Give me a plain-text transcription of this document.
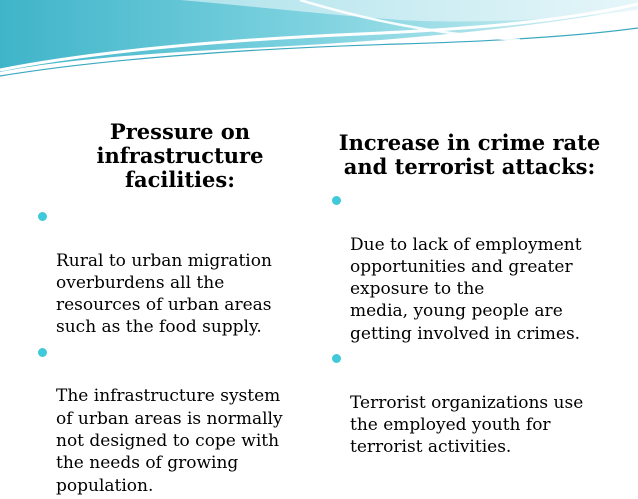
Pressure on
infrastructure
facilities:

Rural to urban migration
overburdens all the
resources of urban areas
such as the food supply.

The infrastructure system
of urban areas is normally
not designed to cope with
the needs of growing
population.

Increase in crime rate
and terrorist attacks:

Due to lack of employment
opportunities and greater
exposure to the
media, young people are
getting involved in crimes.

Terrorist organizations use
the employed youth for
terrorist activities.
